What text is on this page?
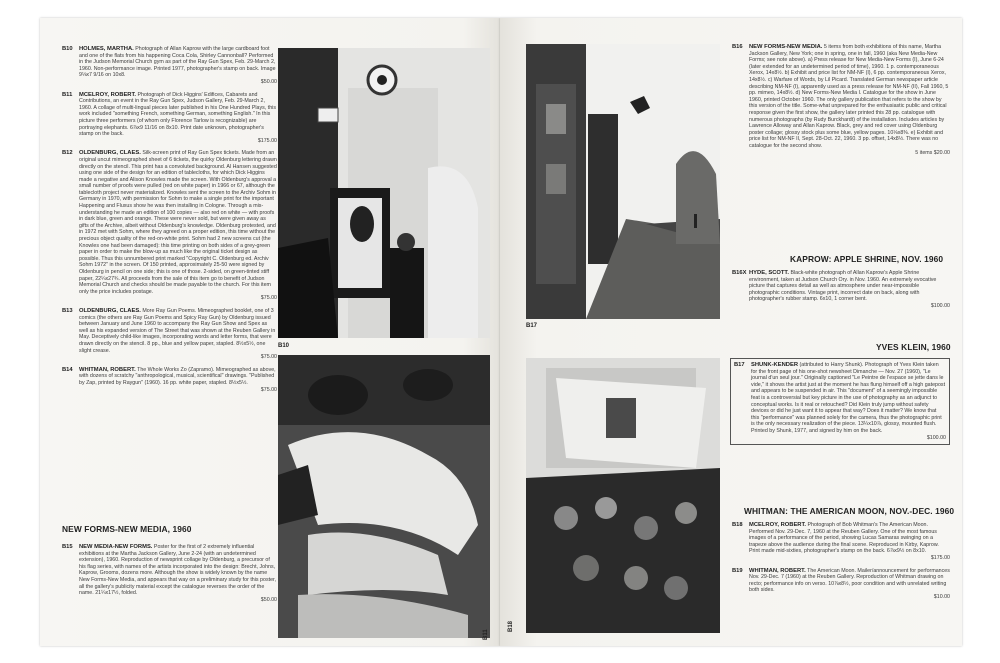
B10 HOLMES, MARTHA. Photograph of Allan Kaprow with the large cardboard foot and one of the flats from his happening Coca Cola, Shirley Cannonball? Performed in the Judson Memorial Church gym as part of the Ray Gun Spex, Feb. 29-March 2, 1960. Non-performance image. Printed 1977, photographer's stamp on back. Image 9⅛x7 9/16 on 10x8.
$50.00
B11 MCELROY, ROBERT. Photograph of Dick Higgins' Edifices, Cabarets and Contributions, an event in the Ray Gun Spex, Judson Gallery, Feb. 29-March 2, 1960. A collage of multi-lingual pieces later published in his One Hundred Plays, this work included "something French, something German, something English." In this picture three performers (of whom only Florence Tarlow is recognizable) are portraying elephants. 6⅞x9 11/16 on 8x10. Print date unknown, photographer's stamp on the back.
$175.00
B12 OLDENBURG, CLAES. Silk-screen print of Ray Gun Spex tickets. Made from an original uncut mimeographed sheet of 6 tickets, the quirky Oldenburg lettering drawn directly on the stencil. This print has a convoluted background. Al Hansen suggested using one side of the design for an edition of tablecloths, for which Dick Higgins made a negative and Alison Knowles made the screen. With Oldenburg's approval a small number of proofs were pulled (red on white paper) in 1966 or 67, although the tablecloth project never materialized. Knowles sent the screen to the Archiv Sohm in Germany in 1970, with permission for Sohm to make a single print for the important Happening and Fluxus show he was then installing in Cologne. Through a mis-understanding he made an edition of 100 copies — also red on white — with proofs in dark blue, green and orange. These were never sold, but were given away as gifts of the Archive, albeit without Oldenburg's knowledge. Oldenburg protested, and in 1972 met with Sohm, where they agreed on a proper edition, this time without the precious object quality of the red-on-white print. Sohm had 2 new screens cut (the Knowles one had been damaged): this time printing on both sides of a grey-green paper in order to make the blow-up as much like the original ticket design as possible. Thus this unnumbered print marked "Copyright C. Oldenburg ed. Archiv Sohm 1972" in the screen. Of 150 printed, approximately 25-50 were signed by Oldenburg in pencil on one side; this is one of those. 2-sided, on green-tinted stiff paper, 22¼x27¾. All proceeds from the sale of this item go to benefit of Judson Memorial Church and checks should be made payable to the church. For this item only the price includes postage.
$75.00
B13 OLDENBURG, CLAES. More Ray Gun Poems. Mimeographed booklet, one of 3 comics (the others are Ray Gun Poems and Spicy Ray Gun) by Oldenburg issued between January and June 1960 to accompany the Ray Gun Show and Spex as well as his expanded version of The Street that was shown at the Reuben Gallery in May. Deceptively child-like images, incorporating words and letter forms, that were drawn directly on the stencil. 8 pp., blue and yellow paper, stapled. 8½x5½, one slight crease.
$75.00
B14 WHITMAN, ROBERT. The Whole Works Zo (Zapramo). Mimeographed as above, with dozens of scratchy "anthropological, musical, scientifical" drawings. "Published by Zap, printed by Raygun" (1960). 16 pp. white paper, stapled. 8½x5½.
$75.00
NEW FORMS-NEW MEDIA, 1960
B15 NEW MEDIA-NEW FORMS. Poster for the first of 2 extremely influential exhibitions at the Martha Jackson Gallery, June 2-24 (with an undetermined extension), 1960. Reproduction of newsprint collage by Oldenburg, a precursor of his flag series, with names of the artists incorporated into the design: Brecht, Johns, Kaprow, Grooms, dozens more. Although the show is widely known by the name New Forms-New Media, and appears that way on a preliminary study for this poster, all the gallery's publicity material except the catalogue reverses the order of the name. 21¼x17½, folded.
$50.00
B10
B11
B17
B16 NEW FORMS-NEW MEDIA. 5 items from both exhibitions of this name, Martha Jackson Gallery, New York; one in spring, one in fall, 1960 (aka New Media-New Forms; see note above). a) Press release for New Media-New Forms (I), June 6-24 (later extended for an undetermined period of time), 1960. 1 p. contemporaneous Xerox, 14x8½. b) Exhibit and price list for NM-NF (I), 6 pp. contemporaneous Xerox, 14x8½. c) Warfare of Words, by Lil Picard. Translated German newspaper article describing NM-NF (I), apparently used as a press release for NM-NF (II), Fall 1960, 5 pp. mimeo, 14x8½. d) New Forms-New Media I. Catalogue for the show in June 1960, printed October 1960. The only gallery publication that refers to the show by this version of the title. Some-what unprepared for the enthusiastic public and critical response given the first show, the gallery later printed this 28 pp. catalogue with numerous photographs (by Rudy Burckhardt) of the installation. Includes articles by Lawrence Alloway and Allan Kaprow. Black, grey and red cover using Oldenburg poster collage; glossy stock plus some blue, yellow pages. 10⅛x8⅜. e) Exhibit and price list for NM-NF II, Sept. 28-Oct. 22, 1960. 3 pp. offset, 14x8½. There was no catalogue for the second show.
5 items $20.00
KAPROW: APPLE SHRINE, NOV. 1960
B16X HYDE, SCOTT. Black-white photograph of Allan Kaprow's Apple Shrine environment, taken at Judson Church Ory. in Nov. 1960. An extremely evocative picture that captures detail as well as atmosphere under near-impossible photographic conditions. Vintage print, incorrect date on back, along with photographer's rubber stamp. 6x10, 1 corner bent.
$100.00
B18
YVES KLEIN, 1960
B17 SHUNK-KENDER (attributed to Harry Shunk). Photograph of Yves Klein taken for the front page of his one-shot newsheet Dimanche — Nov. 27 (1960), "Le journal d'un seul jour." Originally captioned "Le Peintre de l'espace se jette dans le vide," it shows the artist just at the moment he has flung himself off a high gatepost and appears to be suspended in air. This "document" of a seemingly impossible feat is a controversial but key picture in the use of photography as an adjunct to conceptual works. Is it real or retouched? Did Klein truly jump without safety devices or did he just want it to appear that way? Does it matter? We know that this "performance" was planned solely for the camera, thus the photographic print is the only necessary realization of the piece. 13¼x10⅞, glossy, mounted flush. Printed by Shunk, 1977, and signed by him on the back.
$100.00
WHITMAN: THE AMERICAN MOON, NOV.-DEC. 1960
B18 MCELROY, ROBERT. Photograph of Bob Whitman's The American Moon. Performed Nov. 29-Dec. 7, 1960 at the Reuben Gallery. One of the most famous images of a performance of the period, showing Lucas Samaras swinging on a trapeze above the audience during the final scene. Reproduced in Kirby, Kaprow. Print made mid-sixties, photographer's stamp on the back. 6⅞x9½ on 8x10.
$175.00
B19 WHITMAN, ROBERT. The American Moon. Mailer/announcement for performances Nov. 29-Dec. 7 (1960) at the Reuben Gallery. Reproduction of Whitman drawing on recto; performance info on verso. 10⅞x8½, poor condition and with unrelated writing both sides.
$10.00
